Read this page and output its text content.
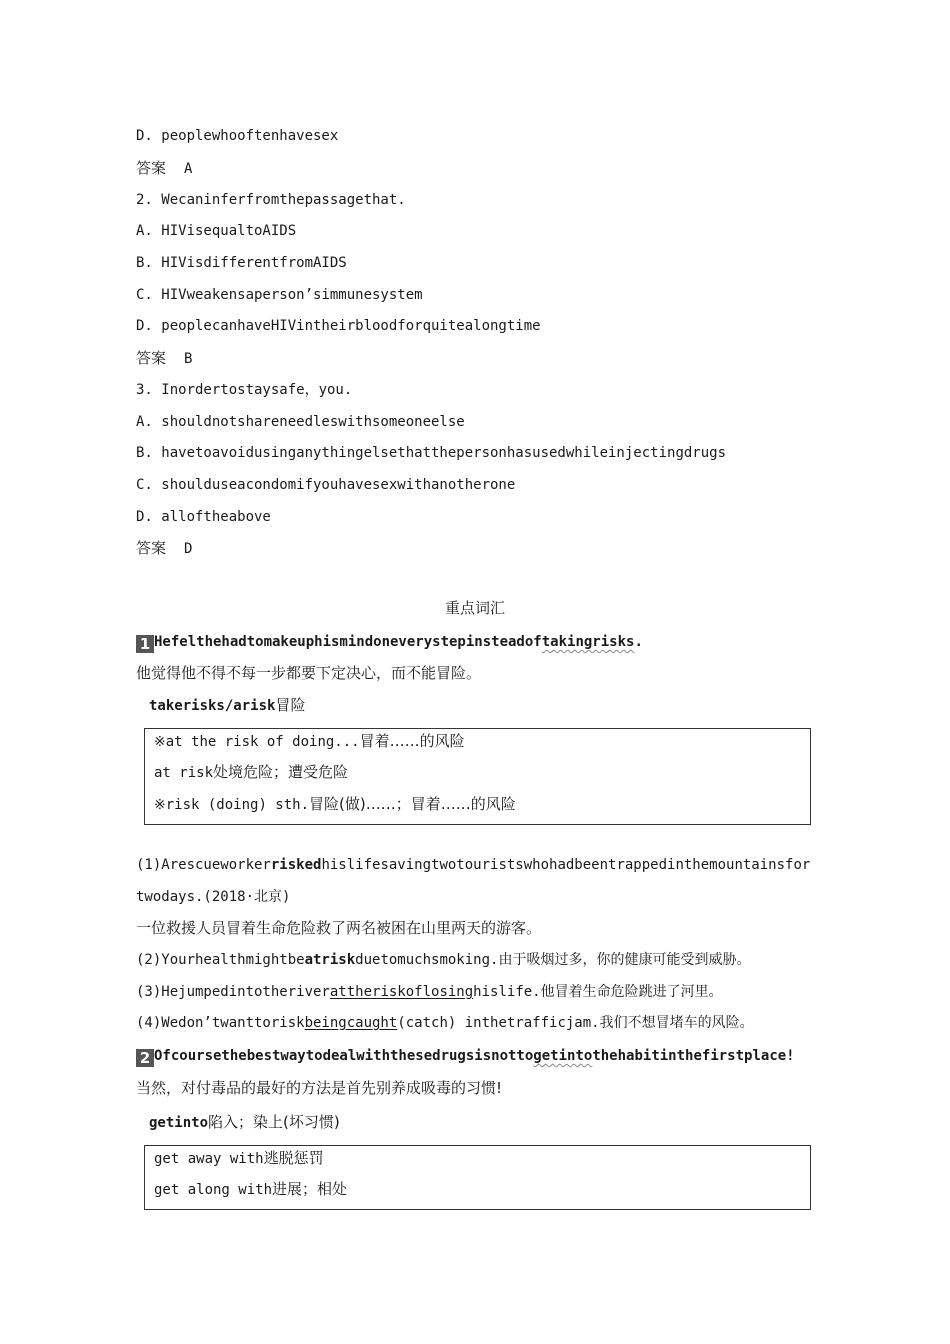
D. peoplewhooftenhavesex
答案 A
2. Wecaninferfromthepassagethat.
A. HIVisequaltoAIDS
B. HIVisdifferentfromAIDS
C. HIVweakensaperson’simmunesystem
D. peoplecanhaveHIVintheirbloodforquitealongtime
答案 B
3. Inordertostaysafe，you.
A. shouldnotshareneedleswithsomeoneelse
B. havetoavoidusinganythingelsethatthepersonhasusedwhileinjectingdrugs
C. shoulduseacondomifyouhavesexwithanotherone
D. alloftheabove
答案 D
重点词汇
1 Hefelthehadtomakeuphismindoneverystepinsteadoftakingrisks.
他觉得他不得不每一步都要下定决心，而不能冒险。
takerisks/arisk冒险
※at the risk of doing...冒着……的风险
at risk处境危险；遭受危险
※risk (doing) sth.冒险(做)……；冒着……的风险
(1)Arescueworkerriskedhislifesavingtwotouristswhohadbeentrappedinthemountainsfor
twodays.(2018·北京)
一位救援人员冒着生命危险救了两名被困在山里两天的游客。
(2)Yourhealthmightbeatriskduetomuchsmoking.由于吸烟过多，你的健康可能受到威胁。
(3)Hejumpedintotheriverattheriskoflosinghislife.他冒着生命危险跳进了河里。
(4)Wedon’twanttoriskbeingcaught(catch) inthetrafficjam.我们不想冒堵车的风险。
2 Ofcoursethebestwaytodealwiththesedrugsisnottogetintothehabitinthefirstplace!
当然，对付毒品的最好的方法是首先别养成吸毒的习惯!
getinto陷入；染上(坏习惯)
get away with逃脱惩罚
get along with进展；相处
